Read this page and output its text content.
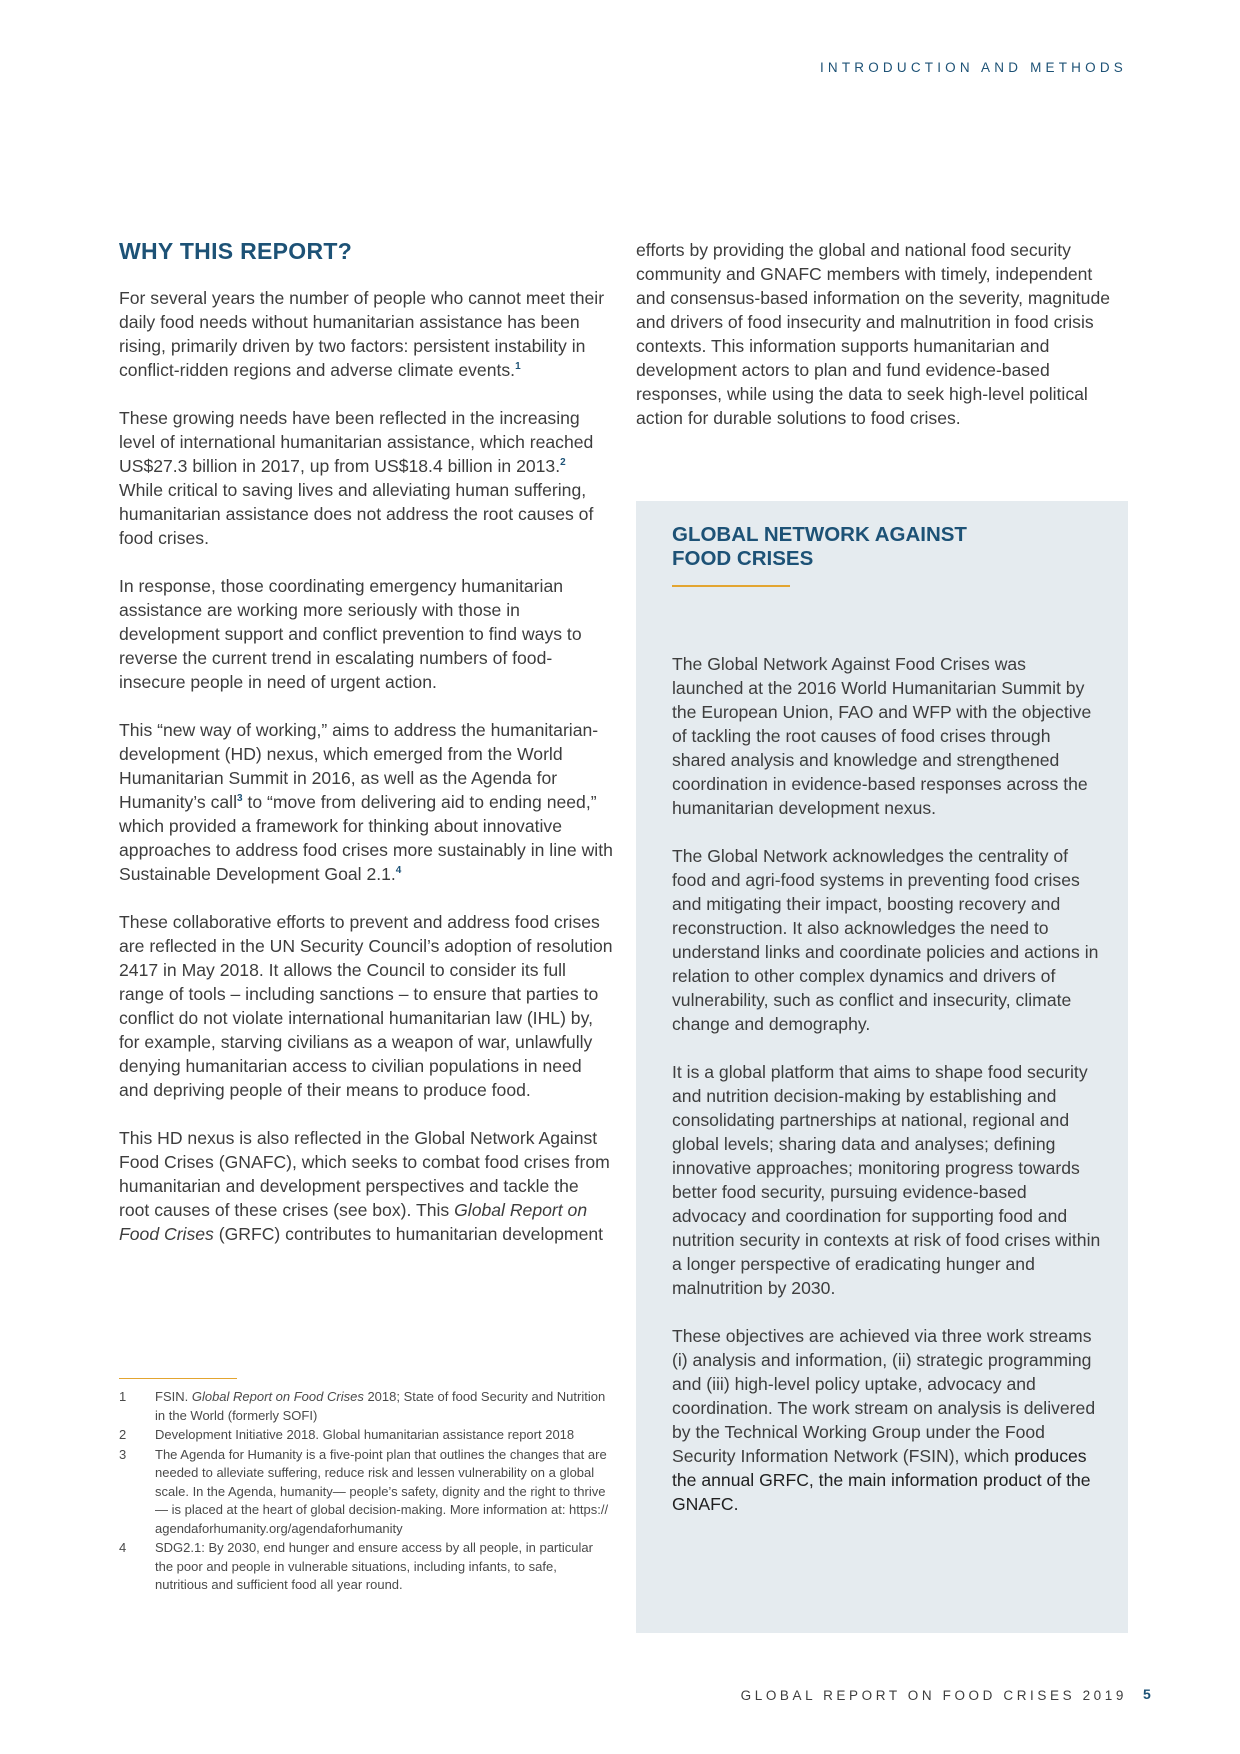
INTRODUCTION AND METHODS
WHY THIS REPORT?

For several years the number of people who cannot meet their daily food needs without humanitarian assistance has been rising, primarily driven by two factors: persistent instability in conflict-ridden regions and adverse climate events.$^1$

These growing needs have been reflected in the increasing level of international humanitarian assistance, which reached US$27.3 billion in 2017, up from US$18.4 billion in 2013.$^2$ While critical to saving lives and alleviating human suffering, humanitarian assistance does not address the root causes of food crises.

In response, those coordinating emergency humanitarian assistance are working more seriously with those in development support and conflict prevention to find ways to reverse the current trend in escalating numbers of food-insecure people in need of urgent action.

This “new way of working,” aims to address the humanitarian-development (HD) nexus, which emerged from the World Humanitarian Summit in 2016, as well as the Agenda for Humanity’s call$^3$ to “move from delivering aid to ending need,” which provided a framework for thinking about innovative approaches to address food crises more sustainably in line with Sustainable Development Goal 2.1.$^4$

These collaborative efforts to prevent and address food crises are reflected in the UN Security Council’s adoption of resolution 2417 in May 2018. It allows the Council to consider its full range of tools – including sanctions – to ensure that parties to conflict do not violate international humanitarian law (IHL) by, for example, starving civilians as a weapon of war, unlawfully denying humanitarian access to civilian populations in need and depriving people of their means to produce food.

This HD nexus is also reflected in the Global Network Against Food Crises (GNAFC), which seeks to combat food crises from humanitarian and development perspectives and tackle the root causes of these crises (see box). This Global Report on Food Crises (GRFC) contributes to humanitarian development

1	FSIN. Global Report on Food Crises 2018; State of food Security and Nutrition in the World (formerly SOFI)
2	Development Initiative 2018. Global humanitarian assistance report 2018
3	The Agenda for Humanity is a five-point plan that outlines the changes that are needed to alleviate suffering, reduce risk and lessen vulnerability on a global scale. In the Agenda, humanity— people’s safety, dignity and the right to thrive— is placed at the heart of global decision-making. More information at: https:// agendaforhumanity.org/agendaforhumanity
4	SDG2.1: By 2030, end hunger and ensure access by all people, in particular the poor and people in vulnerable situations, including infants, to safe, nutritious and sufficient food all year round.

efforts by providing the global and national food security community and GNAFC members with timely, independent and consensus-based information on the severity, magnitude and drivers of food insecurity and malnutrition in food crisis contexts. This information supports humanitarian and development actors to plan and fund evidence-based responses, while using the data to seek high-level political action for durable solutions to food crises.

GLOBAL NETWORK AGAINST
FOOD CRISES

The Global Network Against Food Crises was launched at the 2016 World Humanitarian Summit by the European Union, FAO and WFP with the objective of tackling the root causes of food crises through shared analysis and knowledge and strengthened coordination in evidence-based responses across the humanitarian development nexus.

The Global Network acknowledges the centrality of food and agri-food systems in preventing food crises and mitigating their impact, boosting recovery and reconstruction. It also acknowledges the need to understand links and coordinate policies and actions in relation to other complex dynamics and drivers of vulnerability, such as conflict and insecurity, climate change and demography.

It is a global platform that aims to shape food security and nutrition decision-making by establishing and consolidating partnerships at national, regional and global levels; sharing data and analyses; defining innovative approaches; monitoring progress towards better food security, pursuing evidence-based advocacy and coordination for supporting food and nutrition security in contexts at risk of food crises within a longer perspective of eradicating hunger and malnutrition by 2030.

These objectives are achieved via three work streams (i) analysis and information, (ii) strategic programming and (iii) high-level policy uptake, advocacy and coordination. The work stream on analysis is delivered by the Technical Working Group under the Food Security Information Network (FSIN), which produces the annual GRFC, the main information product of the GNAFC.

GLOBAL REPORT ON FOOD CRISES 2019 5
